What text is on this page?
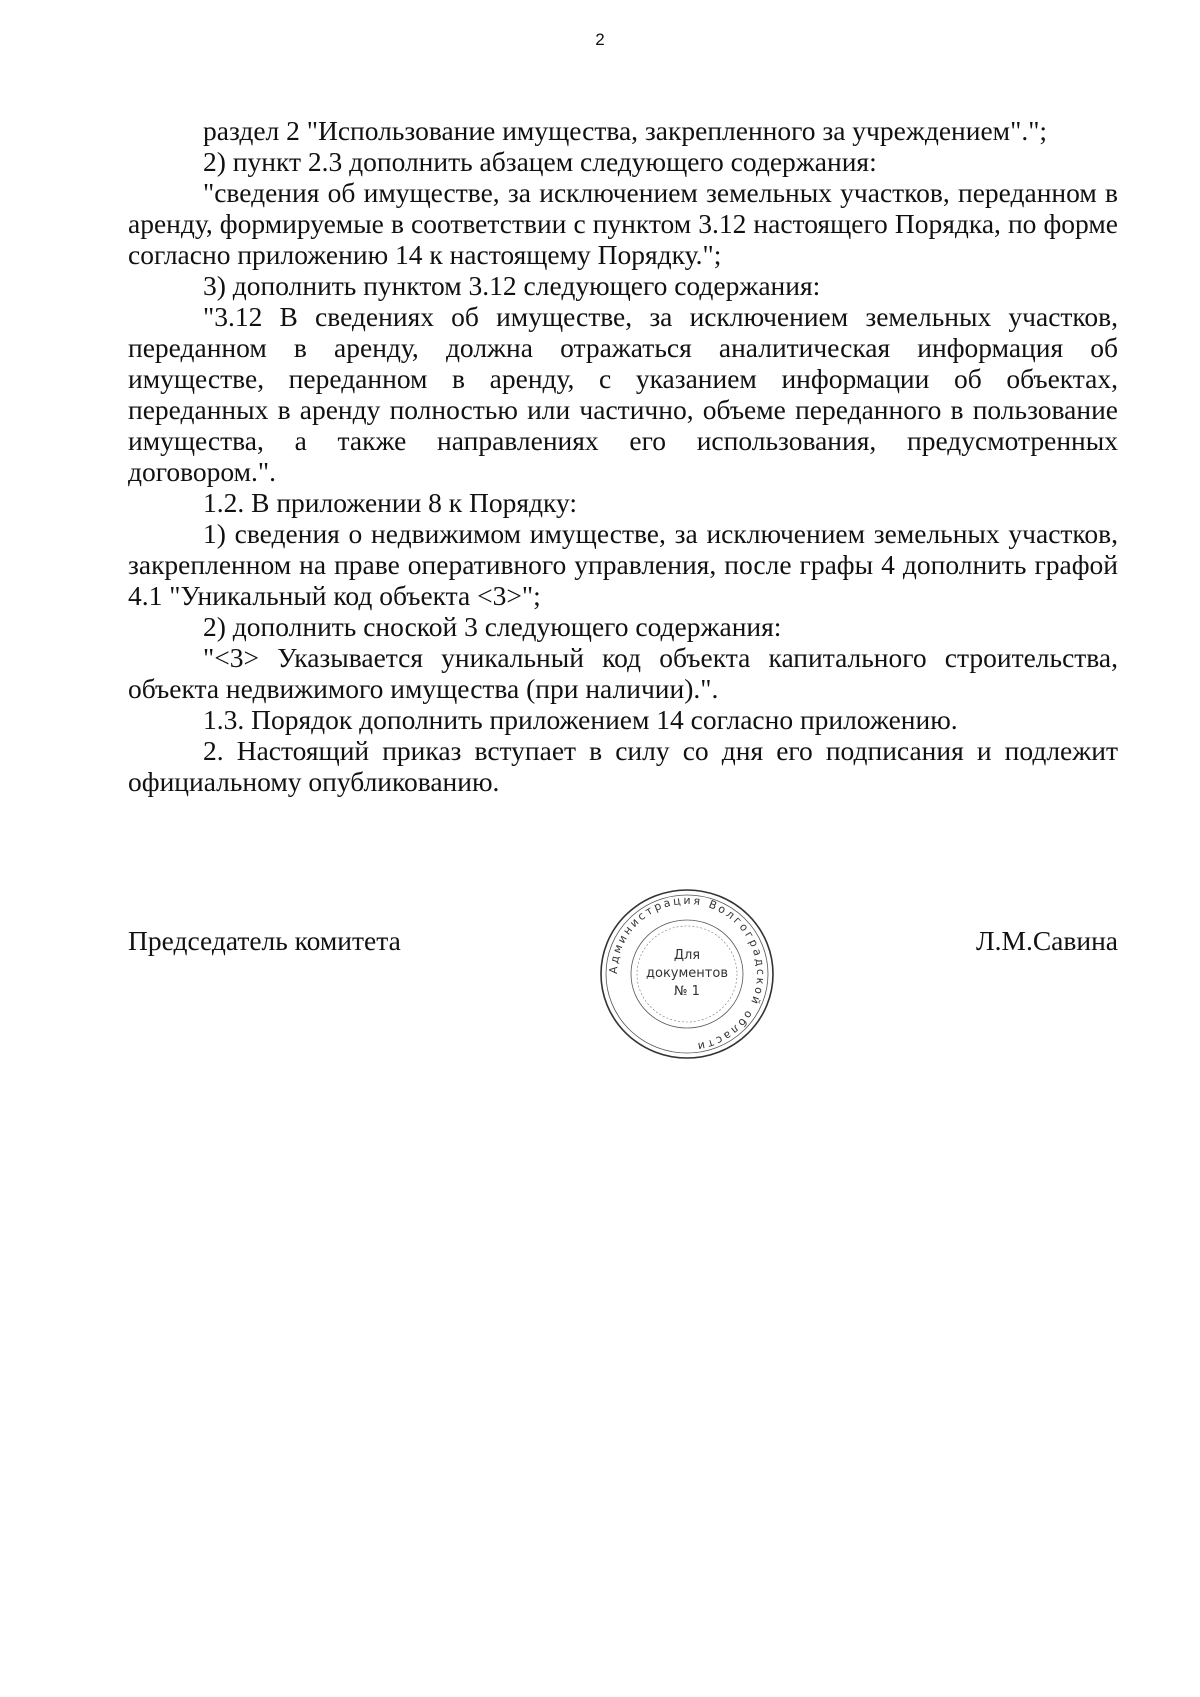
2

раздел 2 "Использование имущества, закрепленного за учреждением".";

2) пункт 2.3 дополнить абзацем следующего содержания:

"сведения об имуществе, за исключением земельных участков, переданном в аренду, формируемые в соответствии с пунктом 3.12 настоящего Порядка, по форме согласно приложению 14 к настоящему Порядку.";

3) дополнить пунктом 3.12 следующего содержания:

"3.12 В сведениях об имуществе, за исключением земельных участков, переданном в аренду, должна отражаться аналитическая информация об имуществе, переданном в аренду, с указанием информации об объектах, переданных в аренду полностью или частично, объеме переданного в пользование имущества, а также направлениях его использования, предусмотренных договором.".

1.2. В приложении 8 к Порядку:

1) сведения о недвижимом имуществе, за исключением земельных участков, закрепленном на праве оперативного управления, после графы 4 дополнить графой 4.1 "Уникальный код объекта <3>";

2) дополнить сноской 3 следующего содержания:

"<3> Указывается уникальный код объекта капитального строительства, объекта недвижимого имущества (при наличии).".

1.3. Порядок дополнить приложением 14 согласно приложению.

2. Настоящий приказ вступает в силу со дня его подписания и подлежит официальному опубликованию.

Председатель комитета	Л.М.Савина
Администрация Волгоградской области
Для
документов
№ 1
